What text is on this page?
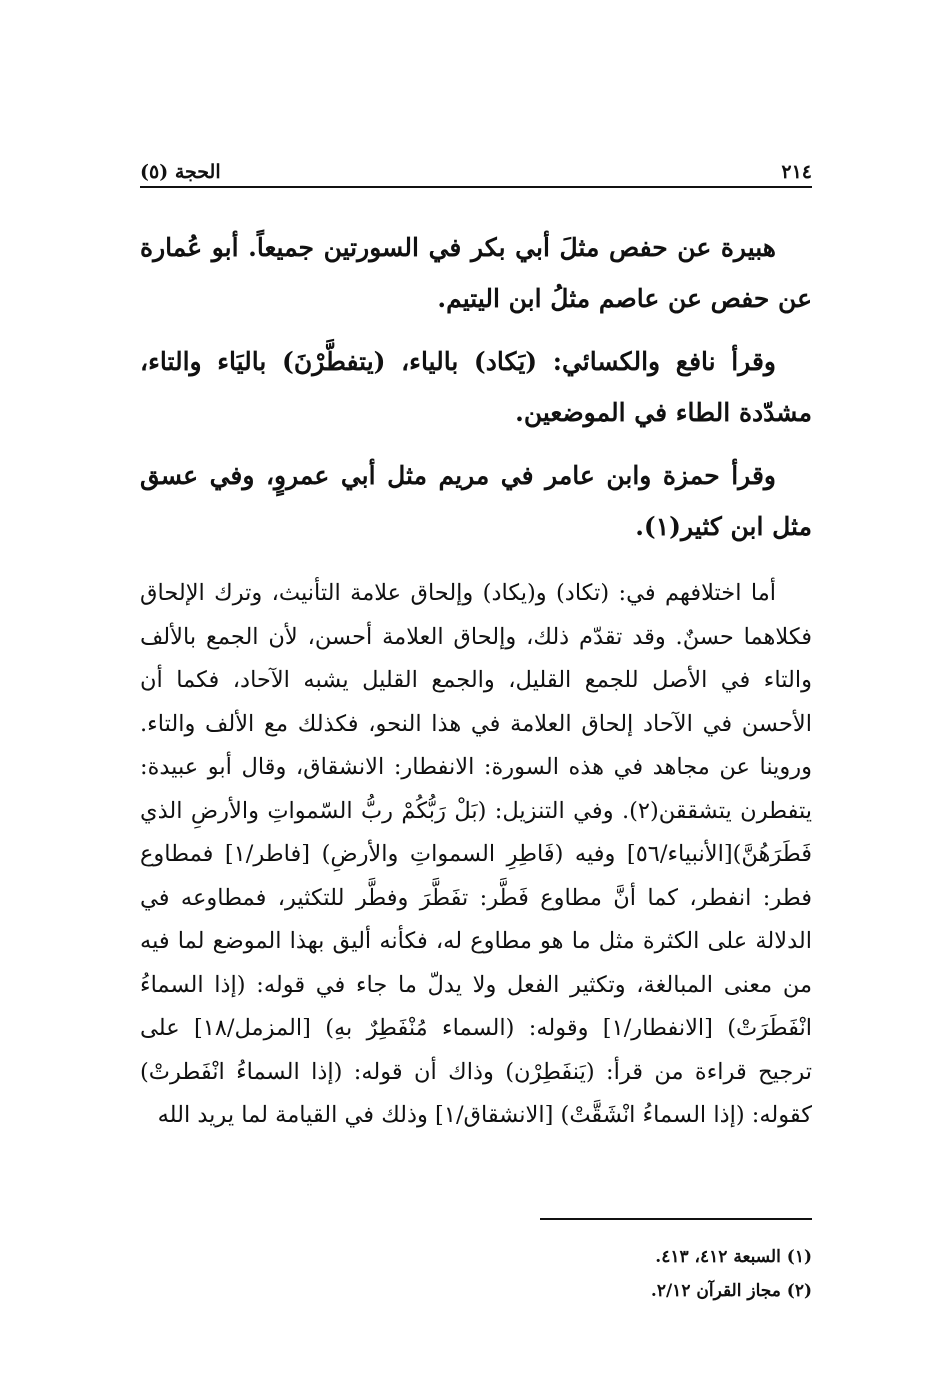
٢١٤
الحجة (٥)

هبيرة عن حفص مثلَ أبي بكر في السورتين جميعاً. أبو عُمارة عن حفص عن عاصم مثلُ ابن اليتيم.

وقرأ نافع والكسائي: (يَكاد) بالياء، (يتفطَّرْنَ) باليَاء والتاء، مشدّدة الطاء في الموضعين.

وقرأ حمزة وابن عامر في مريم مثل أبي عمروٍ، وفي عسق مثل ابن كثير(١).

أما اختلافهم في: (تكاد) و(يكاد) وإلحاق علامة التأنيث، وترك الإلحاق فكلاهما حسنٌ. وقد تقدّم ذلك، وإلحاق العلامة أحسن، لأن الجمع بالألف والتاء في الأصل للجمع القليل، والجمع القليل يشبه الآحاد، فكما أن الأحسن في الآحاد إلحاق العلامة في هذا النحو، فكذلك مع الألف والتاء. وروينا عن مجاهد في هذه السورة: الانفطار: الانشقاق، وقال أبو عبيدة: يتفطرن يتشققن(٢). وفي التنزيل: (بَلْ رَبُّكُمْ ربُّ السّمواتِ والأرضِ الذي فَطَرَهُنَّ)[الأنبياء/٥٦] وفيه (فَاطِرِ السمواتِ والأرضِ) [فاطر/١] فمطاوع فطر: انفطر، كما أنَّ مطاوع فَطَّر: تفَطَّرَ وفطَّر للتكثير، فمطاوعه في الدلالة على الكثرة مثل ما هو مطاوع له، فكأنه أليق بهذا الموضع لما فيه من معنى المبالغة، وتكثير الفعل ولا يدلّ ما جاء في قوله: (إذا السماءُ انْفَطَرَتْ) [الانفطار/١] وقوله: (السماء مُنْفَطِرٌ بهِ) [المزمل/١٨] على ترجيح قراءة من قرأ: (يَنفَطِرْن) وذاك أن قوله: (إذا السماءُ انْفَطرتْ) كقوله: (إذا السماءُ انْشَقَّتْ) [الانشقاق/١] وذلك في القيامة لما يريد الله

(١) السبعة ٤١٢، ٤١٣.

(٢) مجاز القرآن ٢/١٢.
